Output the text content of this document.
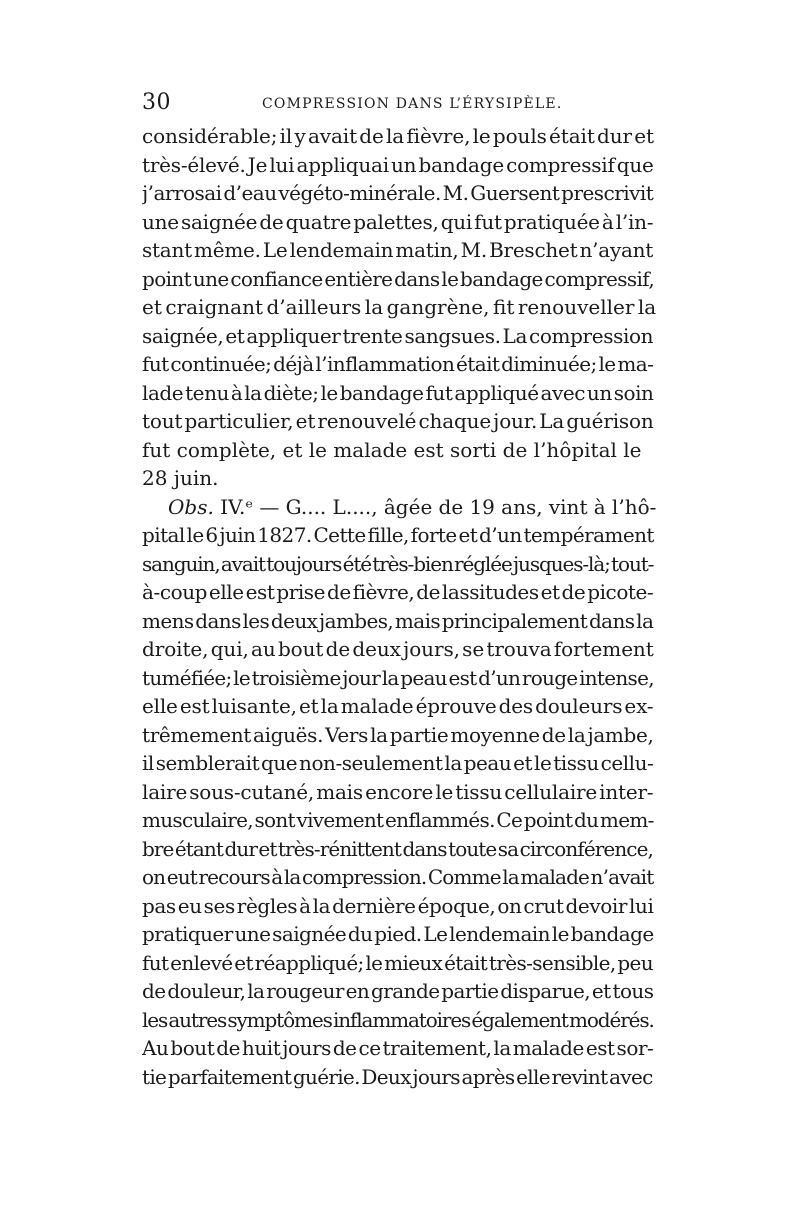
30	COMPRESSION DANS L’ÉRYSIPÈLE.
considérable; il y avait de la fièvre, le pouls était dur et
très-élevé. Je lui appliquai un bandage compressif que
j’arrosai d’eau végéto-minérale. M. Guersent prescrivit
une saignée de quatre palettes, qui fut pratiquée à l’in-
stant même. Le lendemain matin, M. Breschet n’ayant
point une confiance entière dans le bandage compressif,
et craignant d’ailleurs la gangrène, fit renouveller la
saignée, et appliquer trente sangsues. La compression
fut continuée; déjà l’inflammation était diminuée; le ma-
lade tenu à la diète; le bandage fut appliqué avec un soin
tout particulier, et renouvelé chaque jour. La guérison
fut complète, et le malade est sorti de l’hôpital le
28 juin.
Obs. IV.ᵉ — G.... L...., âgée de 19 ans, vint à l’hô-
pital le 6 juin 1827. Cette fille, forte et d’un tempérament
sanguin, avait toujours été très-bien réglée jusques-là; tout-
à-coup elle est prise de fièvre, de lassitudes et de picote-
mens dans les deux jambes, mais principalement dans la
droite, qui, au bout de deux jours, se trouva fortement
tuméfiée; le troisième jour la peau est d’un rouge intense,
elle est luisante, et la malade éprouve des douleurs ex-
trêmement aiguës. Vers la partie moyenne de la jambe,
il semblerait que non-seulement la peau et le tissu cellu-
laire sous-cutané, mais encore le tissu cellulaire inter-
musculaire, sont vivement enflammés. Ce point du mem-
bre étant dur et très-rénittent dans toute sa circonférence,
on eut recours à la compression. Comme la malade n’avait
pas eu ses règles à la dernière époque, on crut devoir lui
pratiquer une saignée du pied. Le lendemain le bandage
fut enlevé et réappliqué; le mieux était très-sensible, peu
de douleur, la rougeur en grande partie disparue, et tous
les autres symptômes inflammatoires également modérés.
Au bout de huit jours de ce traitement, la malade est sor-
tie parfaitement guérie. Deux jours après elle revint avec
